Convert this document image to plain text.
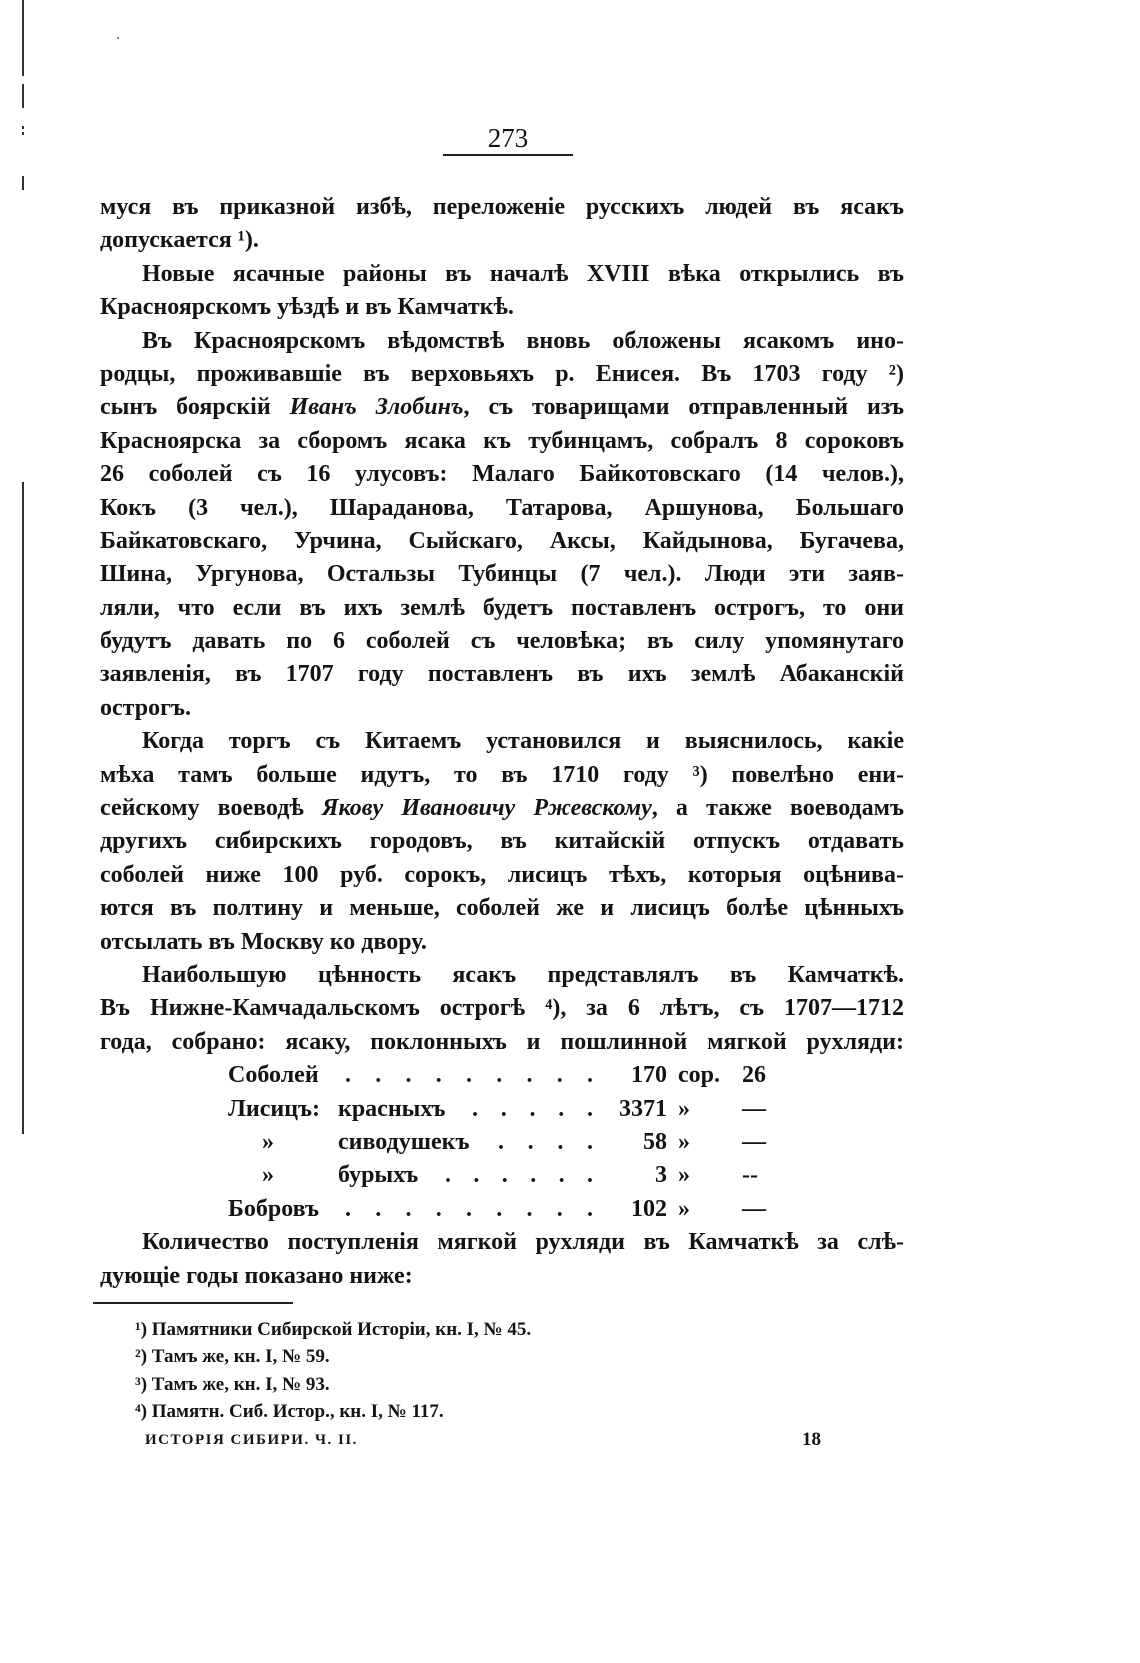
273
муся въ приказной избѣ, переложеніе русскихъ людей въ ясакъ
допускается ¹).
Новые ясачные районы въ началѣ XVIII вѣка открылись въ
Красноярскомъ уѣздѣ и въ Камчаткѣ.
Въ Красноярскомъ вѣдомствѣ вновь обложены ясакомъ ино-
родцы, проживавшіе въ верховьяхъ р. Енисея. Въ 1703 году ²)
сынъ боярскій Иванъ Злобинъ, съ товарищами отправленный изъ
Красноярска за сборомъ ясака къ тубинцамъ, собралъ 8 сороковъ
26 соболей съ 16 улусовъ: Малаго Байкотовскаго (14 челов.),
Кокъ (3 чел.), Шараданова, Татарова, Аршунова, Большаго
Байкатовскаго, Урчина, Сыйскаго, Аксы, Кайдынова, Бугачева,
Шина, Ургунова, Остальзы Тубинцы (7 чел.). Люди эти заяв-
ляли, что если въ ихъ землѣ будетъ поставленъ острогъ, то они
будутъ давать по 6 соболей съ человѣка; въ силу упомянутаго
заявленія, въ 1707 году поставленъ въ ихъ землѣ Абаканскій
острогъ.
Когда торгъ съ Китаемъ установился и выяснилось, какіе
мѣха тамъ больше идутъ, то въ 1710 году ³) повелѣно ени-
сейскому воеводѣ Якову Ивановичу Ржевскому, а также воеводамъ
другихъ сибирскихъ городовъ, въ китайскій отпускъ отдавать
соболей ниже 100 руб. сорокъ, лисицъ тѣхъ, которыя оцѣнива-
ются въ полтину и меньше, соболей же и лисицъ болѣе цѣнныхъ
отсылать въ Москву ко двору.
Наибольшую цѣнность ясакъ представлялъ въ Камчаткѣ.
Въ Нижне-Камчадальскомъ острогѣ ⁴), за 6 лѣтъ, съ 1707—1712
года, собрано: ясаку, поклонныхъ и пошлинной мягкой рухляди:
Соболей . . . . . . . . .	170 сор. 26
Лисицъ: красныхъ . . . . .	3371 » —
»	сиводушекъ . . . .	58 » —
»	бурыхъ . . . . . .	3 » --
Бобровъ . . . . . . . . .	102 » —
Количество поступленія мягкой рухляди въ Камчаткѣ за слѣ-
дующіе годы показано ниже:
¹) Памятники Сибирской Исторіи, кн. I, № 45.
²) Тамъ же, кн. I, № 59.
³) Тамъ же, кн. I, № 93.
⁴) Памятн. Сиб. Истор., кн. I, № 117.
ИСТОРІЯ СИБИРИ. Ч. II.	18
